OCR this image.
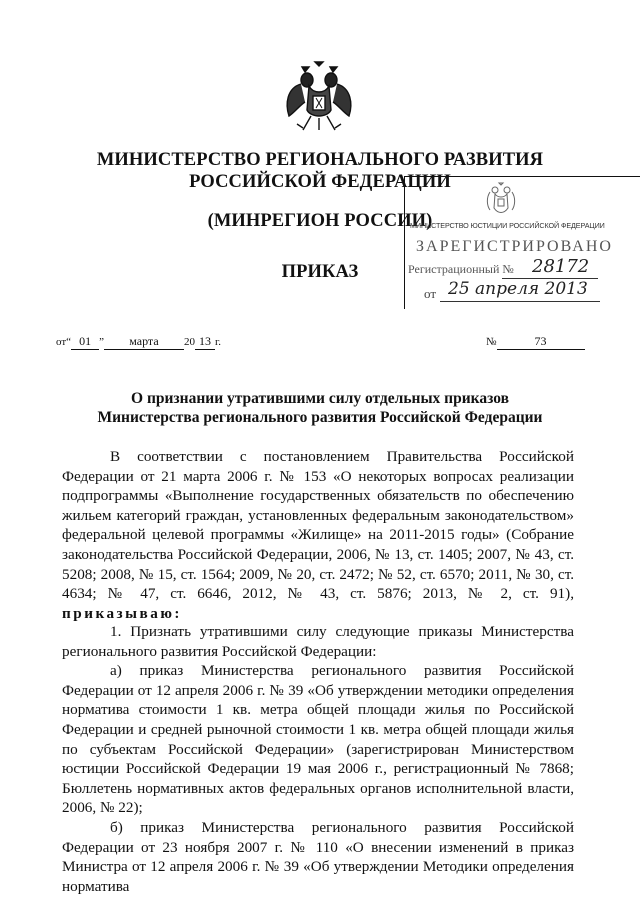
МИНИСТЕРСТВО РЕГИОНАЛЬНОГО РАЗВИТИЯ
РОССИЙСКОЙ ФЕДЕРАЦИИ
(МИНРЕГИОН РОССИИ)
ПРИКАЗ
МИНИСТЕРСТВО ЮСТИЦИИ РОССИЙСКОЙ ФЕДЕРАЦИИ
ЗАРЕГИСТРИРОВАНО
Регистрационный № 28172
от 25 апреля 2013
от“ 01 ” марта 20 13 г.	№	73
О признании утратившими силу отдельных приказов
Министерства регионального развития Российской Федерации

В соответствии с постановлением Правительства Российской Федерации от 21 марта 2006 г. № 153 «О некоторых вопросах реализации подпрограммы «Выполнение государственных обязательств по обеспечению жильем категорий граждан, установленных федеральным законодательством» федеральной целевой программы «Жилище» на 2011-2015 годы» (Собрание законодательства Российской Федерации, 2006, № 13, ст. 1405; 2007, № 43, ст. 5208; 2008, № 15, ст. 1564; 2009, № 20, ст. 2472; № 52, ст. 6570; 2011, № 30, ст. 4634; № 47, ст. 6646, 2012, № 43, ст. 5876; 2013, № 2, ст. 91), приказываю:

1. Признать утратившими силу следующие приказы Министерства регионального развития Российской Федерации:

а) приказ Министерства регионального развития Российской Федерации от 12 апреля 2006 г. № 39 «Об утверждении методики определения норматива стоимости 1 кв. метра общей площади жилья по Российской Федерации и средней рыночной стоимости 1 кв. метра общей площади жилья по субъектам Российской Федерации» (зарегистрирован Министерством юстиции Российской Федерации 19 мая 2006 г., регистрационный № 7868; Бюллетень нормативных актов федеральных органов исполнительной власти, 2006, № 22);

б) приказ Министерства регионального развития Российской Федерации от 23 ноября 2007 г. № 110 «О внесении изменений в приказ Министра от 12 апреля 2006 г. № 39 «Об утверждении Методики определения норматива
